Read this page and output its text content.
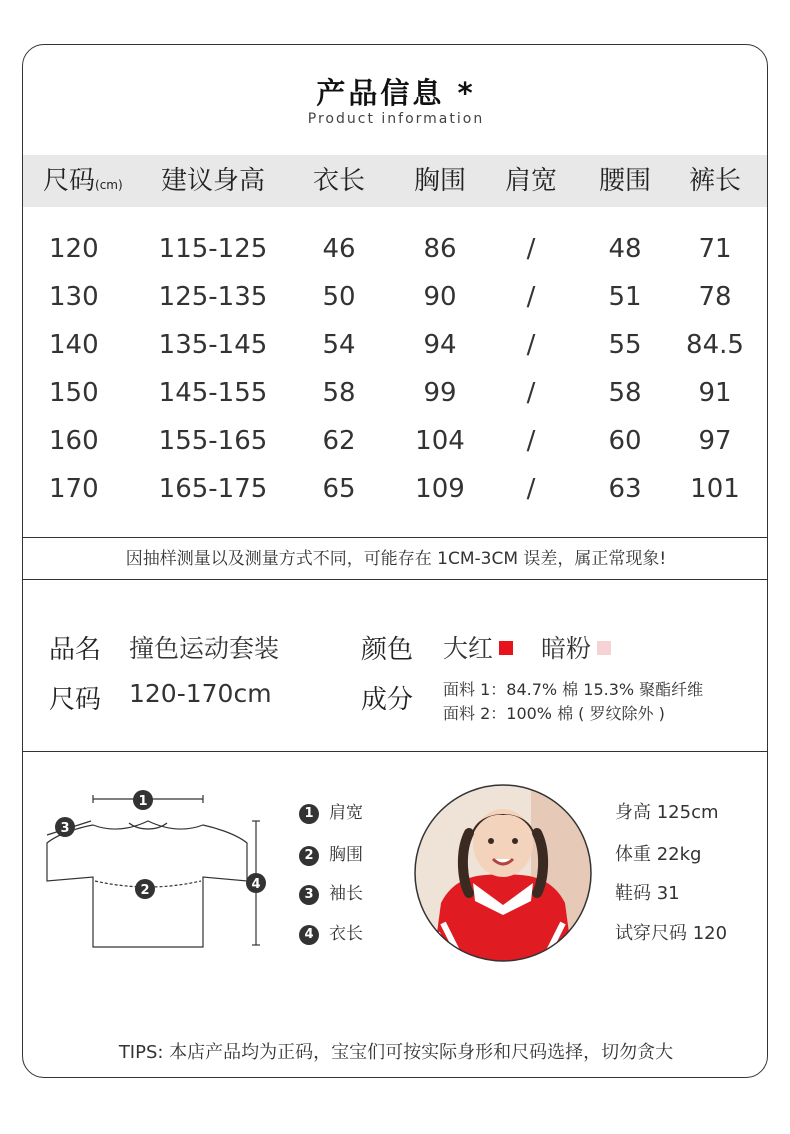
产品信息 *
Product information
尺码(cm)	建议身高	衣长	胸围	肩宽	腰围	裤长
120 115-125	46	86	/	48	71
130 125-135	50	90	/	51	78
140 135-145	54	94	/	55	84.5
150 145-155	58	99	/	58	91
160 155-165	62	104	/	60	97
170 165-175	65	109	/	63	101
因抽样测量以及测量方式不同，可能存在 1CM-3CM 误差，属正常现象!
品名 撞色运动套装	颜色 大红	暗粉
尺码 120-170cm	成分 面料 1：84.7% 棉 15.3% 聚酯纤维
面料 2：100% 棉 ( 罗纹除外 )
1
2
3
4
1 肩宽
2 胸围
3 袖长
4 衣长
身高 125cm
体重 22kg
鞋码 31
试穿尺码 120
TIPS: 本店产品均为正码，宝宝们可按实际身形和尺码选择，切勿贪大
